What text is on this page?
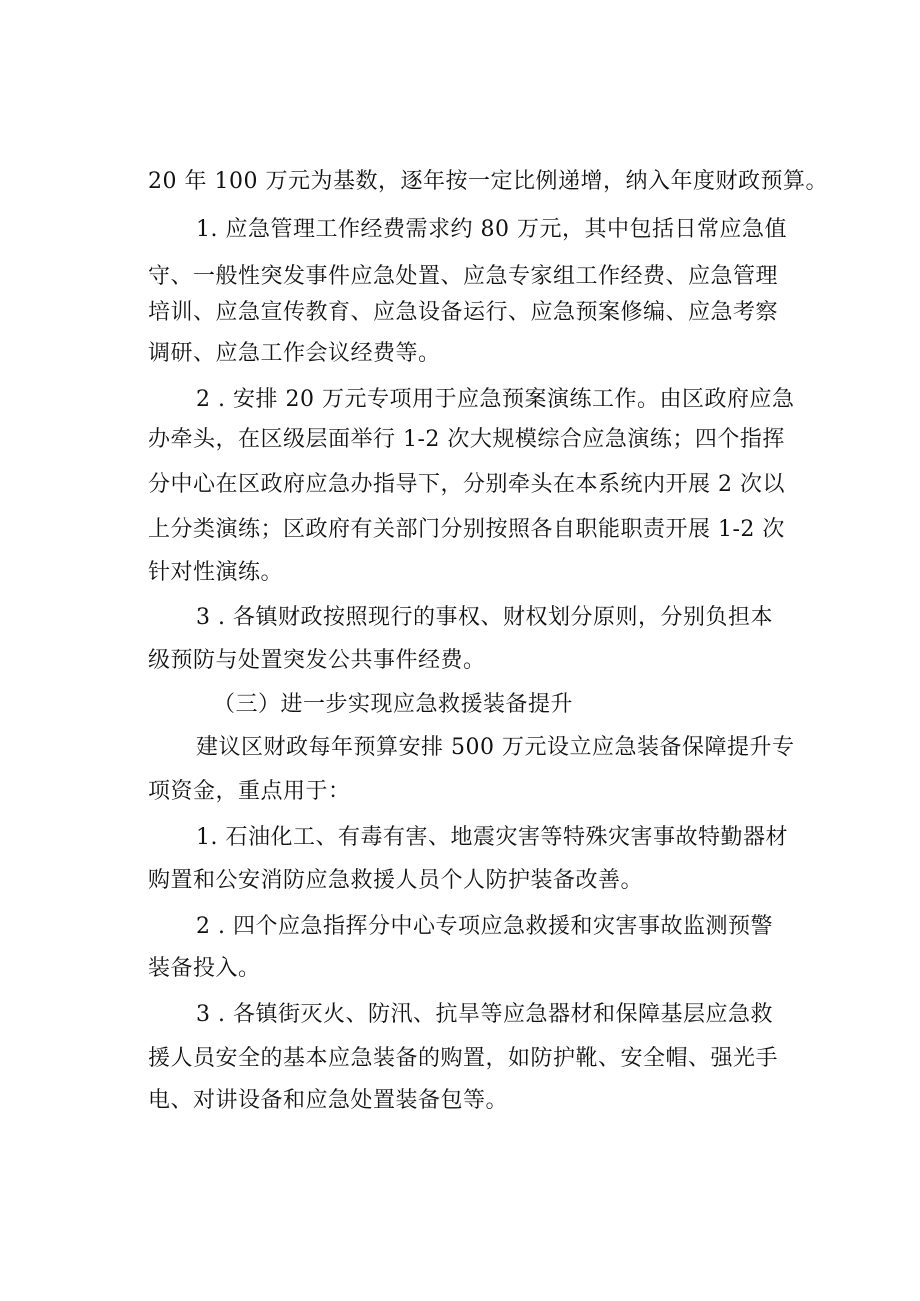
20 年 100 万元为基数，逐年按一定比例递增，纳入年度财政预算。
1. 应急管理工作经费需求约 80 万元，其中包括日常应急值
守、一般性突发事件应急处置、应急专家组工作经费、应急管理
培训、应急宣传教育、应急设备运行、应急预案修编、应急考察
调研、应急工作会议经费等。
2 . 安排 20 万元专项用于应急预案演练工作。由区政府应急
办牵头，在区级层面举行 1-2 次大规模综合应急演练；四个指挥
分中心在区政府应急办指导下，分别牵头在本系统内开展 2 次以
上分类演练；区政府有关部门分别按照各自职能职责开展 1-2 次
针对性演练。
3 . 各镇财政按照现行的事权、财权划分原则，分别负担本
级预防与处置突发公共事件经费。
（三）进一步实现应急救援装备提升
建议区财政每年预算安排 500 万元设立应急装备保障提升专
项资金，重点用于：
1. 石油化工、有毒有害、地震灾害等特殊灾害事故特勤器材
购置和公安消防应急救援人员个人防护装备改善。
2 . 四个应急指挥分中心专项应急救援和灾害事故监测预警
装备投入。
3 . 各镇街灭火、防汛、抗旱等应急器材和保障基层应急救
援人员安全的基本应急装备的购置，如防护靴、安全帽、强光手
电、对讲设备和应急处置装备包等。
